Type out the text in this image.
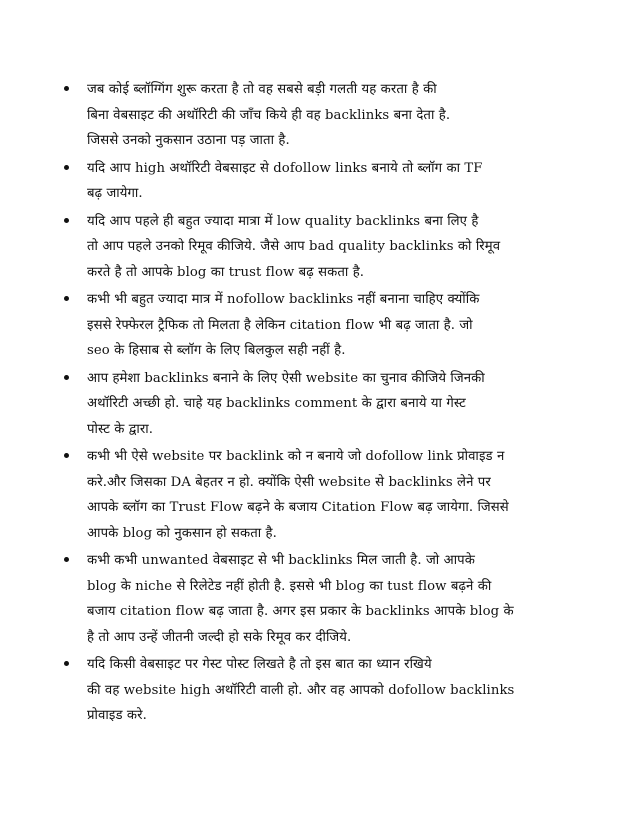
जब कोई ब्लॉग्गिंग शुरू करता है तो वह सबसे बड़ी गलती यह करता है की
बिना वेबसाइट की अथॉरिटी की जाँच किये ही वह backlinks बना देता है.
जिससे उनको नुकसान उठाना पड़ जाता है.
यदि आप high अथॉरिटी वेबसाइट से dofollow links बनाये तो ब्लॉग का TF
बढ़ जायेगा.
यदि आप पहले ही बहुत ज्यादा मात्रा में low quality backlinks बना लिए है
तो आप पहले उनको रिमूव कीजिये. जैसे आप bad quality backlinks को रिमूव
करते है तो आपके blog का trust flow बढ़ सकता है.
कभी भी बहुत ज्यादा मात्र में nofollow backlinks नहीं बनाना चाहिए क्योंकि
इससे रेफ्फेरल ट्रैफिक तो मिलता है लेकिन citation flow भी बढ़ जाता है. जो
seo के हिसाब से ब्लॉग के लिए बिलकुल सही नहीं है.
आप हमेशा backlinks बनाने के लिए ऐसी website का चुनाव कीजिये जिनकी
अथॉरिटी अच्छी हो. चाहे यह backlinks comment के द्वारा बनाये या गेस्ट
पोस्ट के द्वारा.
कभी भी ऐसे website पर backlink को न बनाये जो dofollow link प्रोवाइड न
करे.और जिसका DA बेहतर न हो. क्योंकि ऐसी website से backlinks लेने पर
आपके ब्लॉग का Trust Flow बढ़ने के बजाय Citation Flow बढ़ जायेगा. जिससे
आपके blog को नुकसान हो सकता है.
कभी कभी unwanted वेबसाइट से भी backlinks मिल जाती है. जो आपके
blog के niche से रिलेटेड नहीं होती है. इससे भी blog का tust flow बढ़ने की
बजाय citation flow बढ़ जाता है. अगर इस प्रकार के backlinks आपके blog के
है तो आप उन्हें जीतनी जल्दी हो सके रिमूव कर दीजिये.
यदि किसी वेबसाइट पर गेस्ट पोस्ट लिखते है तो इस बात का ध्यान रखिये
की वह website high अथॉरिटी वाली हो. और वह आपको dofollow backlinks
प्रोवाइड करे.
